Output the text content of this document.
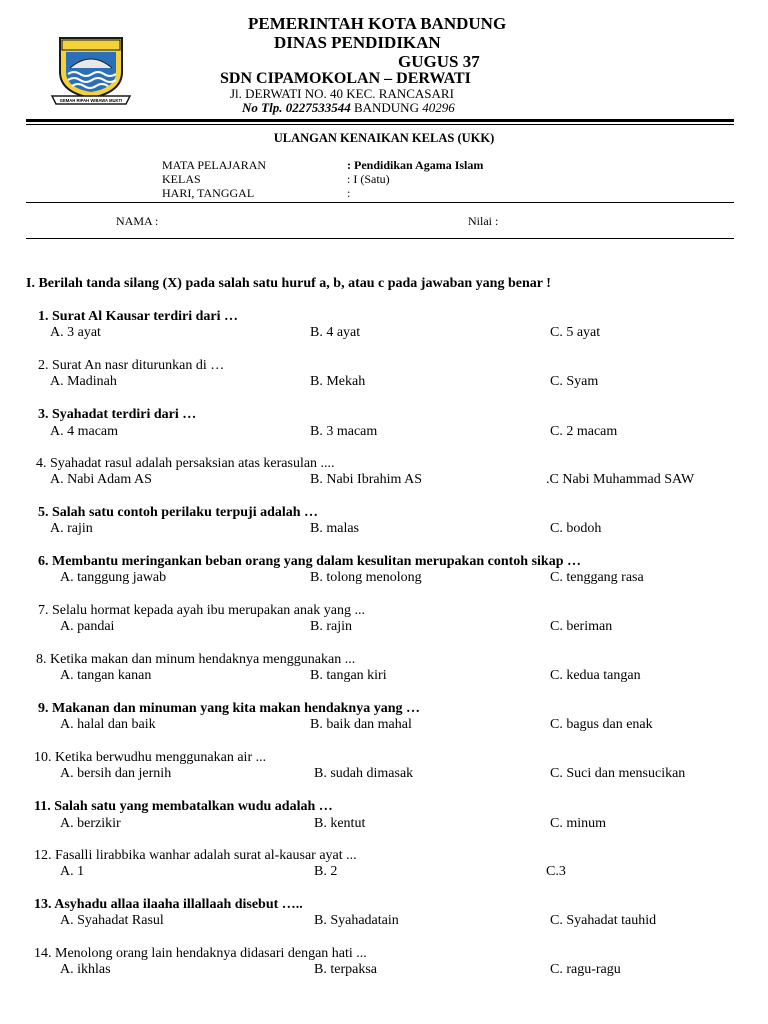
GEMAH RIPAH WIBAWA MUKTI
PEMERINTAH KOTA BANDUNG
DINAS PENDIDIKAN
GUGUS 37
SDN CIPAMOKOLAN – DERWATI
Jl. DERWATI NO. 40 KEC. RANCASARI
No Tlp. 0227533544 BANDUNG 40296
ULANGAN KENAIKAN KELAS (UKK)
MATA PELAJARAN	: Pendidikan Agama Islam
KELAS	: I (Satu)
HARI, TANGGAL	:
NAMA :	Nilai :
I. Berilah tanda silang (X) pada salah satu huruf a, b, atau c pada jawaban yang benar !
1. Surat Al Kausar terdiri dari …
A. 3 ayat	B. 4 ayat	C. 5 ayat
2. Surat An nasr diturunkan di …
A. Madinah	B. Mekah	C. Syam
3. Syahadat terdiri dari …
A. 4 macam	B. 3 macam	C. 2 macam
4. Syahadat rasul adalah persaksian atas kerasulan ....
A. Nabi Adam AS	B. Nabi Ibrahim AS	.C Nabi Muhammad SAW
5. Salah satu contoh perilaku terpuji adalah …
A. rajin	B. malas	C. bodoh
6. Membantu meringankan beban orang yang dalam kesulitan merupakan contoh sikap …
A. tanggung jawab	B. tolong menolong	C. tenggang rasa
7. Selalu hormat kepada ayah ibu merupakan anak yang ...
A. pandai	B. rajin	C. beriman
8. Ketika makan dan minum hendaknya menggunakan ...
A. tangan kanan	B. tangan kiri	C. kedua tangan
9. Makanan dan minuman yang kita makan hendaknya yang …
A. halal dan baik	B. baik dan mahal	C. bagus dan enak
10. Ketika berwudhu menggunakan air ...
A. bersih dan jernih	B. sudah dimasak	C. Suci dan mensucikan
11. Salah satu yang membatalkan wudu adalah …
A. berzikir	B. kentut	C. minum
12. Fasalli lirabbika wanhar adalah surat al-kausar ayat ...
A. 1	B. 2	C.3
13. Asyhadu allaa ilaaha illallaah disebut …..
A. Syahadat Rasul	B. Syahadatain	C. Syahadat tauhid
14. Menolong orang lain hendaknya didasari dengan hati ...
A. ikhlas	B. terpaksa	C. ragu-ragu
